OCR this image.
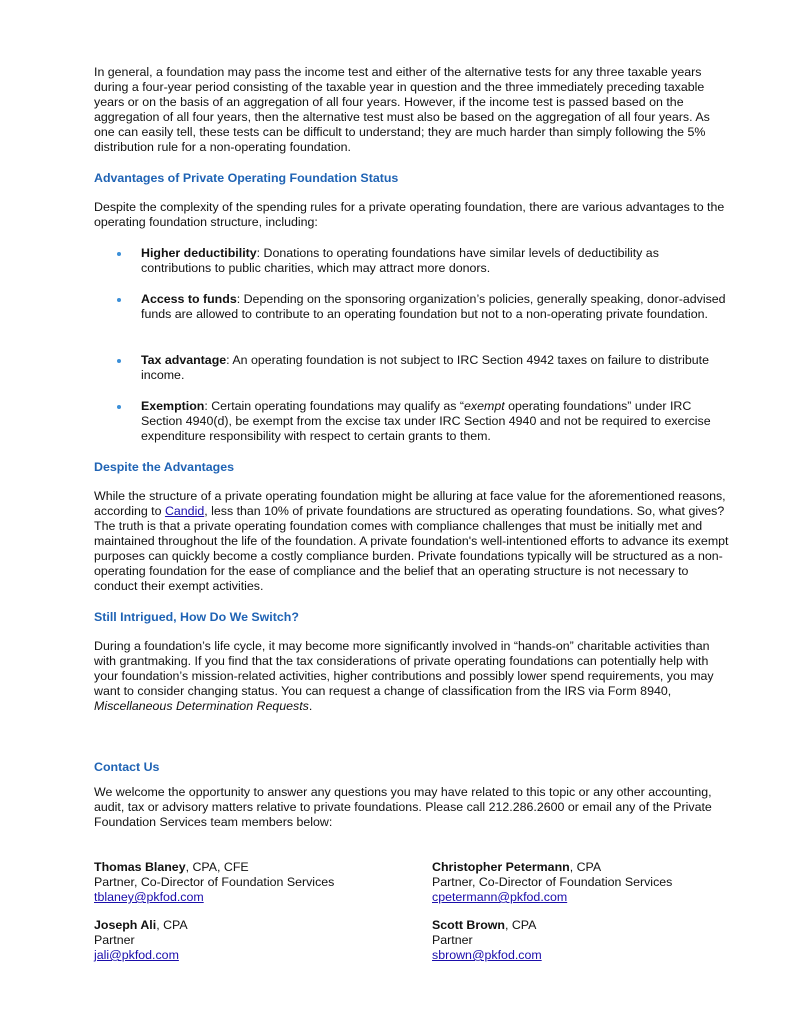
In general, a foundation may pass the income test and either of the alternative tests for any three taxable years during a four-year period consisting of the taxable year in question and the three immediately preceding taxable years or on the basis of an aggregation of all four years. However, if the income test is passed based on the aggregation of all four years, then the alternative test must also be based on the aggregation of all four years. As one can easily tell, these tests can be difficult to understand; they are much harder than simply following the 5% distribution rule for a non-operating foundation.

Advantages of Private Operating Foundation Status

Despite the complexity of the spending rules for a private operating foundation, there are various advantages to the operating foundation structure, including:

Higher deductibility: Donations to operating foundations have similar levels of deductibility as contributions to public charities, which may attract more donors.
Access to funds: Depending on the sponsoring organization’s policies, generally speaking, donor-advised funds are allowed to contribute to an operating foundation but not to a non-operating private foundation.
Tax advantage: An operating foundation is not subject to IRC Section 4942 taxes on failure to distribute income.
Exemption: Certain operating foundations may qualify as “exempt operating foundations” under IRC Section 4940(d), be exempt from the excise tax under IRC Section 4940 and not be required to exercise expenditure responsibility with respect to certain grants to them.
Despite the Advantages

While the structure of a private operating foundation might be alluring at face value for the aforementioned reasons, according to Candid, less than 10% of private foundations are structured as operating foundations. So, what gives? The truth is that a private operating foundation comes with compliance challenges that must be initially met and maintained throughout the life of the foundation. A private foundation's well-intentioned efforts to advance its exempt purposes can quickly become a costly compliance burden. Private foundations typically will be structured as a non-operating foundation for the ease of compliance and the belief that an operating structure is not necessary to conduct their exempt activities.

Still Intrigued, How Do We Switch?

During a foundation’s life cycle, it may become more significantly involved in “hands-on” charitable activities than with grantmaking. If you find that the tax considerations of private operating foundations can potentially help with your foundation’s mission-related activities, higher contributions and possibly lower spend requirements, you may want to consider changing status. You can request a change of classification from the IRS via Form 8940, Miscellaneous Determination Requests.

Contact Us

We welcome the opportunity to answer any questions you may have related to this topic or any other accounting, audit, tax or advisory matters relative to private foundations. Please call 212.286.2600 or email any of the Private Foundation Services team members below:

Thomas Blaney, CPA, CFE
Partner, Co-Director of Foundation Services
tblaney@pkfod.com
Christopher Petermann, CPA
Partner, Co-Director of Foundation Services
cpetermann@pkfod.com
Joseph Ali, CPA
Partner
jali@pkfod.com
Scott Brown, CPA
Partner
sbrown@pkfod.com
